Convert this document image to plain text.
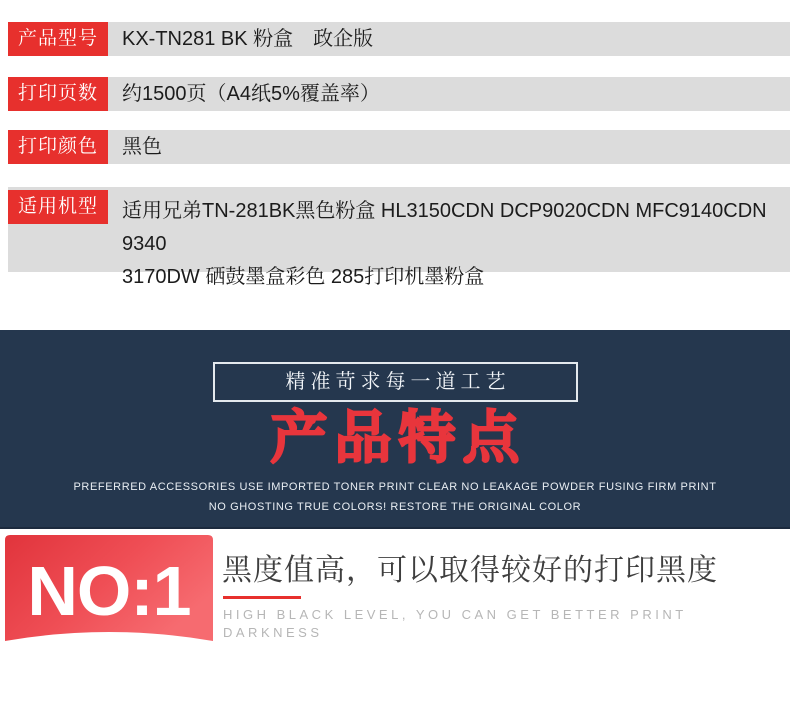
产品型号	KX-TN281 BK 粉盒　政企版
打印页数	约1500页（A4纸5%覆盖率）
打印颜色	黑色
适用机型	适用兄弟TN-281BK黑色粉盒 HL3150CDN DCP9020CDN MFC9140CDN 9340
3170DW 硒鼓墨盒彩色 285打印机墨粉盒
精准苛求每一道工艺
产品特点
PREFERRED ACCESSORIES USE IMPORTED TONER PRINT CLEAR NO LEAKAGE POWDER FUSING FIRM PRINT
NO GHOSTING TRUE COLORS! RESTORE THE ORIGINAL COLOR
NO:1	黑度值高，可以取得较好的打印黑度
HIGH BLACK LEVEL, YOU CAN GET BETTER PRINT
DARKNESS
